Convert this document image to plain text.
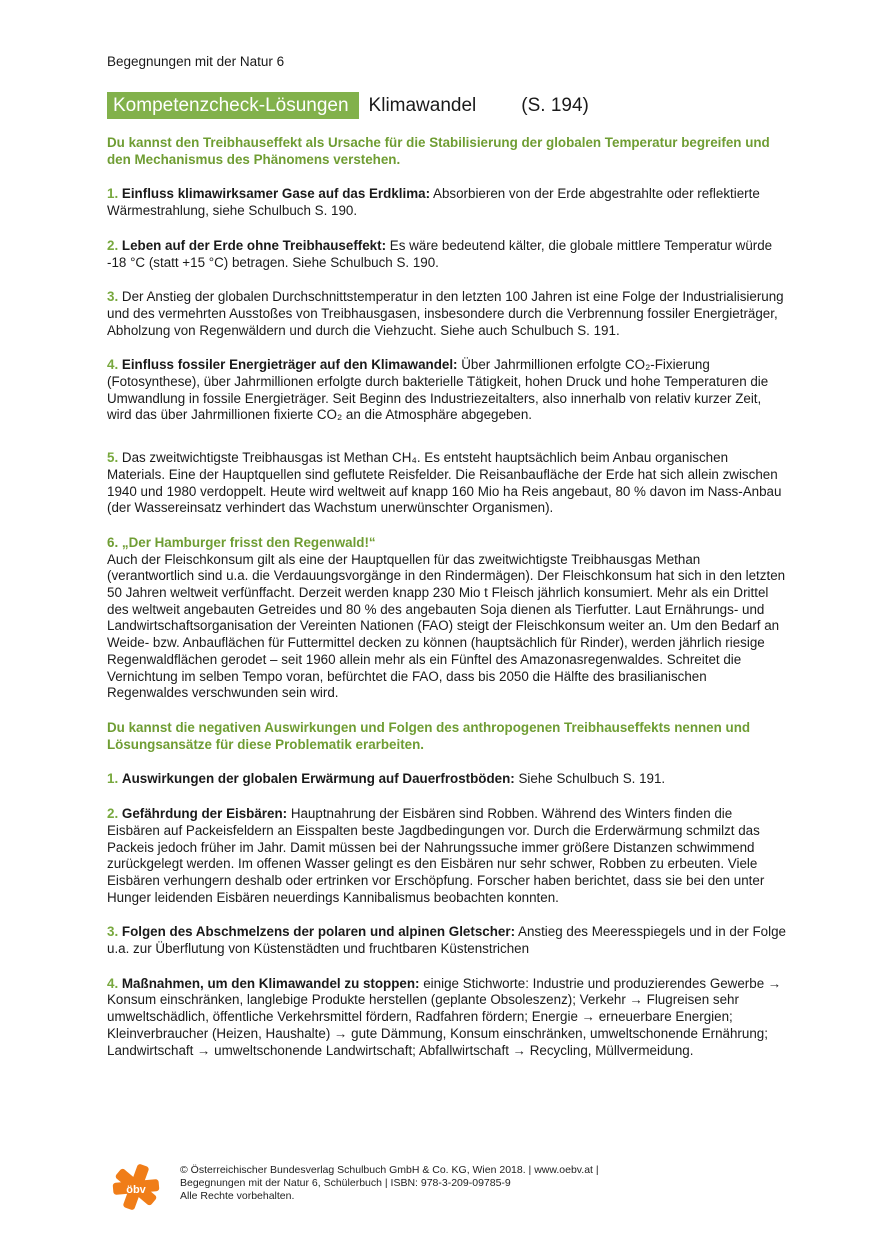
Begegnungen mit der Natur 6
Kompetenzcheck-Lösungen	Klimawandel (S. 194)

Du kannst den Treibhauseffekt als Ursache für die Stabilisierung der globalen Temperatur begreifen und den Mechanismus des Phänomens verstehen.

1. Einfluss klimawirksamer Gase auf das Erdklima: Absorbieren von der Erde abgestrahlte oder reflektierte Wärmestrahlung, siehe Schulbuch S. 190.

2. Leben auf der Erde ohne Treibhauseffekt: Es wäre bedeutend kälter, die globale mittlere Temperatur würde -18 °C (statt +15 °C) betragen. Siehe Schulbuch S. 190.

3. Der Anstieg der globalen Durchschnittstemperatur in den letzten 100 Jahren ist eine Folge der Industrialisierung und des vermehrten Ausstoßes von Treibhausgasen, insbesondere durch die Verbrennung fossiler Energieträger, Abholzung von Regenwäldern und durch die Viehzucht. Siehe auch Schulbuch S. 191.

4. Einfluss fossiler Energieträger auf den Klimawandel: Über Jahrmillionen erfolgte CO₂-Fixierung (Fotosynthese), über Jahrmillionen erfolgte durch bakterielle Tätigkeit, hohen Druck und hohe Temperaturen die Umwandlung in fossile Energieträger. Seit Beginn des Industriezeitalters, also innerhalb von relativ kurzer Zeit, wird das über Jahrmillionen fixierte CO₂ an die Atmosphäre abgegeben.

5. Das zweitwichtigste Treibhausgas ist Methan CH₄. Es entsteht hauptsächlich beim Anbau organischen Materials. Eine der Hauptquellen sind geflutete Reisfelder. Die Reisanbaufläche der Erde hat sich allein zwischen 1940 und 1980 verdoppelt. Heute wird weltweit auf knapp 160 Mio ha Reis angebaut, 80 % davon im Nass-Anbau (der Wassereinsatz verhindert das Wachstum unerwünschter Organismen).

6. „Der Hamburger frisst den Regenwald!“
Auch der Fleischkonsum gilt als eine der Hauptquellen für das zweitwichtigste Treibhausgas Methan (verantwortlich sind u.a. die Verdauungsvorgänge in den Rindermägen). Der Fleischkonsum hat sich in den letzten 50 Jahren weltweit verfünffacht. Derzeit werden knapp 230 Mio t Fleisch jährlich konsumiert. Mehr als ein Drittel des weltweit angebauten Getreides und 80 % des angebauten Soja dienen als Tierfutter. Laut Ernährungs- und Landwirtschaftsorganisation der Vereinten Nationen (FAO) steigt der Fleischkonsum weiter an. Um den Bedarf an Weide- bzw. Anbauflächen für Futtermittel decken zu können (hauptsächlich für Rinder), werden jährlich riesige Regenwaldflächen gerodet – seit 1960 allein mehr als ein Fünftel des Amazonasregenwaldes. Schreitet die Vernichtung im selben Tempo voran, befürchtet die FAO, dass bis 2050 die Hälfte des brasilianischen Regenwaldes verschwunden sein wird.

Du kannst die negativen Auswirkungen und Folgen des anthropogenen Treibhauseffekts nennen und Lösungsansätze für diese Problematik erarbeiten.

1. Auswirkungen der globalen Erwärmung auf Dauerfrostböden: Siehe Schulbuch S. 191.

2. Gefährdung der Eisbären: Hauptnahrung der Eisbären sind Robben. Während des Winters finden die Eisbären auf Packeisfeldern an Eisspalten beste Jagdbedingungen vor. Durch die Erderwärmung schmilzt das Packeis jedoch früher im Jahr. Damit müssen bei der Nahrungssuche immer größere Distanzen schwimmend zurückgelegt werden. Im offenen Wasser gelingt es den Eisbären nur sehr schwer, Robben zu erbeuten. Viele Eisbären verhungern deshalb oder ertrinken vor Erschöpfung. Forscher haben berichtet, dass sie bei den unter Hunger leidenden Eisbären neuerdings Kannibalismus beobachten konnten.

3. Folgen des Abschmelzens der polaren und alpinen Gletscher: Anstieg des Meeresspiegels und in der Folge u.a. zur Überflutung von Küstenstädten und fruchtbaren Küstenstrichen

4. Maßnahmen, um den Klimawandel zu stoppen: einige Stichworte: Industrie und produzierendes Gewerbe → Konsum einschränken, langlebige Produkte herstellen (geplante Obsoleszenz); Verkehr → Flugreisen sehr umweltschädlich, öffentliche Verkehrsmittel fördern, Radfahren fördern; Energie → erneuerbare Energien; Kleinverbraucher (Heizen, Haushalte) → gute Dämmung, Konsum einschränken, umweltschonende Ernährung; Landwirtschaft → umweltschonende Landwirtschaft; Abfallwirtschaft → Recycling, Müllvermeidung.

öbv
© Österreichischer Bundesverlag Schulbuch GmbH & Co. KG, Wien 2018. | www.oebv.at |
Begegnungen mit der Natur 6, Schülerbuch | ISBN: 978-3-209-09785-9
Alle Rechte vorbehalten.
